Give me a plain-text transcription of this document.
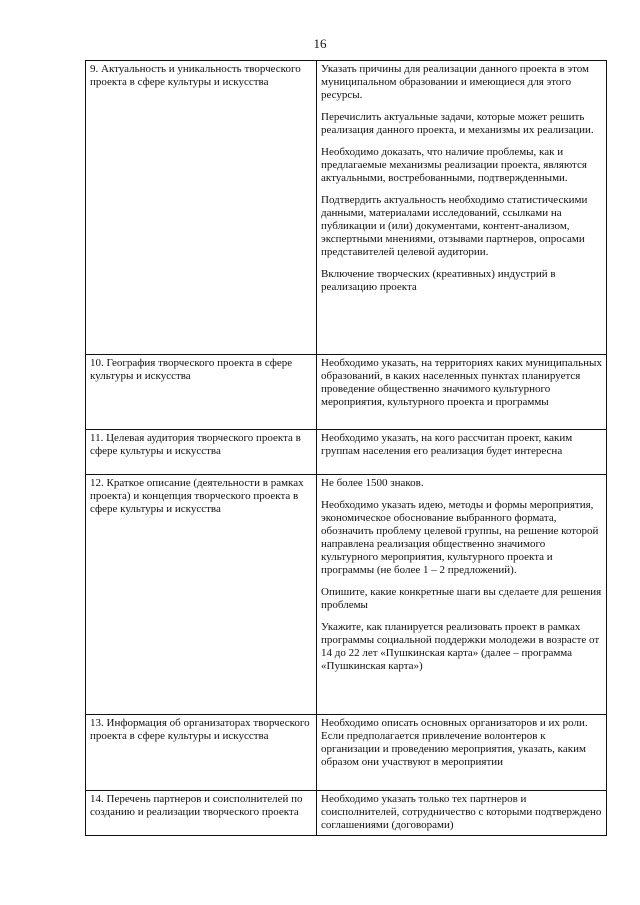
16

9. Актуальность и уникальность творческого проекта в сфере культуры и искусства	Указать причины для реализации данного проекта в этом муниципальном образовании и имеющиеся для этого ресурсы.

Перечислить актуальные задачи, которые может решить реализация данного проекта, и механизмы их реализации.

Необходимо доказать, что наличие проблемы, как и предлагаемые механизмы реализации проекта, являются актуальными, востребованными, подтвержденными.

Подтвердить актуальность необходимо статистическими данными, материалами исследований, ссылками на публикации и (или) документами, контент-анализом, экспертными мнениями, отзывами партнеров, опросами представителей целевой аудитории.

Включение творческих (креативных) индустрий в реализацию проекта

10. География творческого проекта в сфере культуры и искусства	Необходимо указать, на территориях каких муниципальных образований, в каких населенных пунктах планируется проведение общественно значимого культурного мероприятия, культурного проекта и программы

11. Целевая аудитория творческого проекта в сфере культуры и искусства	Необходимо указать, на кого рассчитан проект, каким группам населения его реализация будет интересна

12. Краткое описание (деятельности в рамках проекта) и концепция творческого проекта в сфере культуры и искусства	Не более 1500 знаков.

Необходимо указать идею, методы и формы мероприятия, экономическое обоснование выбранного формата, обозначить проблему целевой группы, на решение которой направлена реализация общественно значимого культурного мероприятия, культурного проекта и программы (не более 1 – 2 предложений).

Опишите, какие конкретные шаги вы сделаете для решения проблемы

Укажите, как планируется реализовать проект в рамках программы социальной поддержки молодежи в возрасте от 14 до 22 лет «Пушкинская карта» (далее – программа «Пушкинская карта»)

13. Информация об организаторах творческого проекта в сфере культуры и искусства	Необходимо описать основных организаторов и их роли. Если предполагается привлечение волонтеров к организации и проведению мероприятия, указать, каким образом они участвуют в мероприятии

14. Перечень партнеров и соисполнителей по созданию и реализации творческого проекта	Необходимо указать только тех партнеров и соисполнителей, сотрудничество с которыми подтверждено соглашениями (договорами)
